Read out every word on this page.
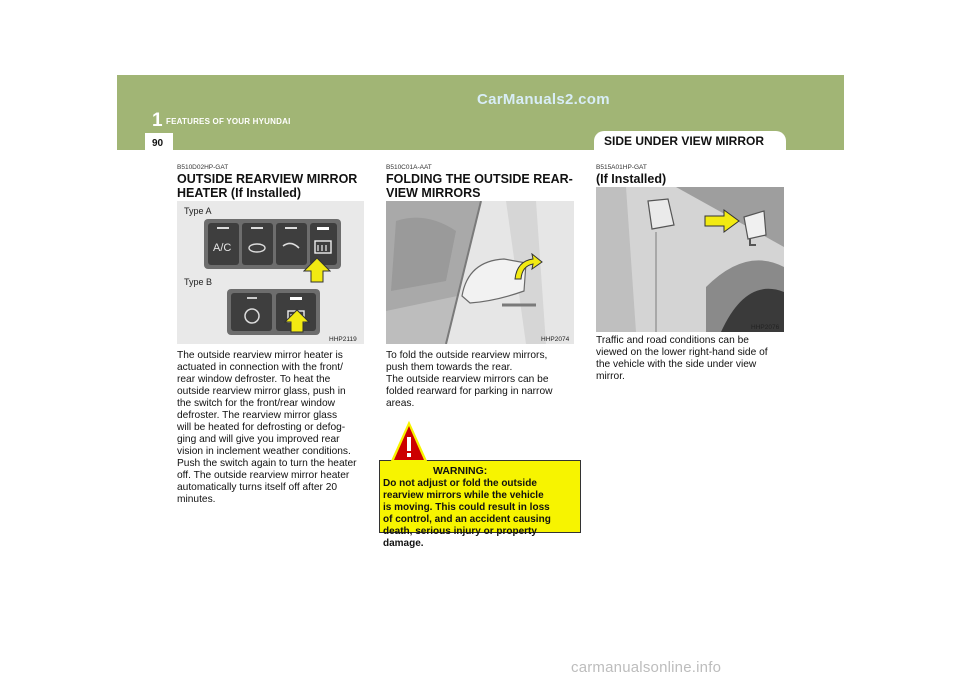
1 FEATURES OF YOUR HYUNDAI
CarManuals2.com
90	SIDE UNDER VIEW MIRROR
B510D02HP-GAT
OUTSIDE REARVIEW MIRROR
HEATER (If Installed)
Type A
Type B
A/C
HHP2119
The outside rearview mirror heater is
actuated in connection with the front/
rear window defroster. To heat the
outside rearview mirror glass, push in
the switch for the front/rear window
defroster. The rearview mirror glass
will be heated for defrosting or defog-
ging and will give you improved rear
vision in inclement weather conditions.
Push the switch again to turn the heater
off. The outside rearview mirror heater
automatically turns itself off after 20
minutes.
B510C01A-AAT
FOLDING THE OUTSIDE REAR-
VIEW MIRRORS
HHP2074
To fold the outside rearview mirrors,
push them towards the rear.
The outside rearview mirrors can be
folded rearward for parking in narrow
areas.
WARNING:
Do not adjust or fold the outside
rearview mirrors while the vehicle
is moving. This could result in loss
of control, and an accident causing
death, serious injury or property
damage.
B515A01HP-GAT
(If Installed)
HHP2076
Traffic and road conditions can be
viewed on the lower right-hand side of
the vehicle with the side under view
mirror.
carmanualsonline.info
